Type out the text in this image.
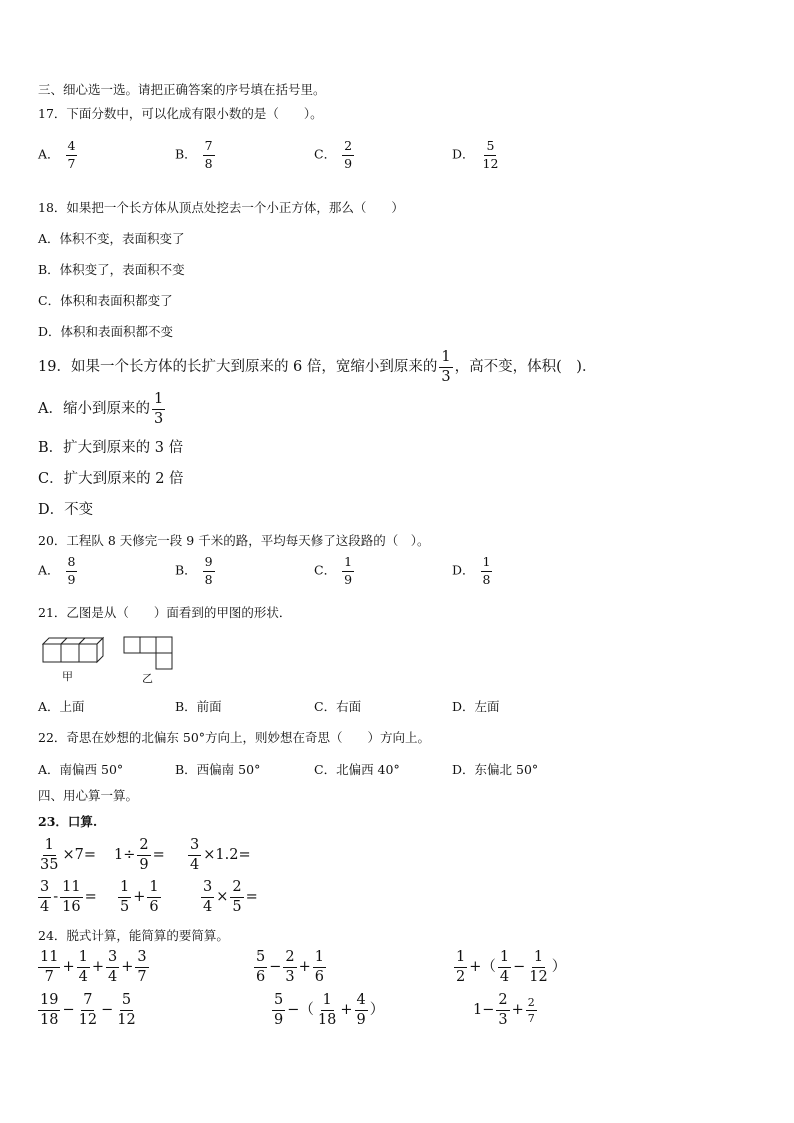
三、细心选一选。请把正确答案的序号填在括号里。
17．下面分数中，可以化成有限小数的是（　　）。
A． $\frac{4}{7}$	B． $\frac{7}{8}$	C． $\frac{2}{9}$	D． $\frac{5}{12}$
18．如果把一个长方体从顶点处挖去一个小正方体，那么（　　）
A．体积不变，表面积变了
B．体积变了，表面积不变
C．体积和表面积都变了
D．体积和表面积都不变
19．如果一个长方体的长扩大到原来的 6 倍，宽缩小到原来的 $\frac{1}{3}$ ，高不变，体积(　)．
A．缩小到原来的 $\frac{1}{3}$
B．扩大到原来的 3 倍
C．扩大到原来的 2 倍
D．不变
20．工程队 8 天修完一段 9 千米的路，平均每天修了这段路的（　）。
A． $\frac{8}{9}$	B． $\frac{9}{8}$	C． $\frac{1}{9}$	D． $\frac{1}{8}$
21．乙图是从（　　）面看到的甲图的形状．
甲	乙
A．上面	B．前面	C．右面	D．左面
22．奇思在妙想的北偏东 50°方向上，则妙想在奇思（　　）方向上。
A．南偏西 50°	B．西偏南 50°	C．北偏西 40°	D．东偏北 50°
四、用心算一算。
23．口算.
$\frac{1}{35} \times 7= 1\div \frac{2}{9} = \frac{3}{4} \times 1.2=$
$\frac{3}{4} - \frac{11}{16} = \frac{1}{5} + \frac{1}{6}$	$\frac{3}{4} \times \frac{2}{5}$ =
24．脱式计算，能简算的要简算。
$\frac{11}{7} + \frac{1}{4} + \frac{3}{4} + \frac{3}{7}$	$\frac{5}{6} - \frac{2}{3} + \frac{1}{6}$	$\frac{1}{2}$ +（ $\frac{1}{4} - \frac{1}{12}$ ）
$\frac{19}{18} - \frac{7}{12} - \frac{5}{12}$	$\frac{5}{9}$ −（ $\frac{1}{18} + \frac{4}{9}$ ）	$1- \frac{2}{3} + \frac{2}{7}$
